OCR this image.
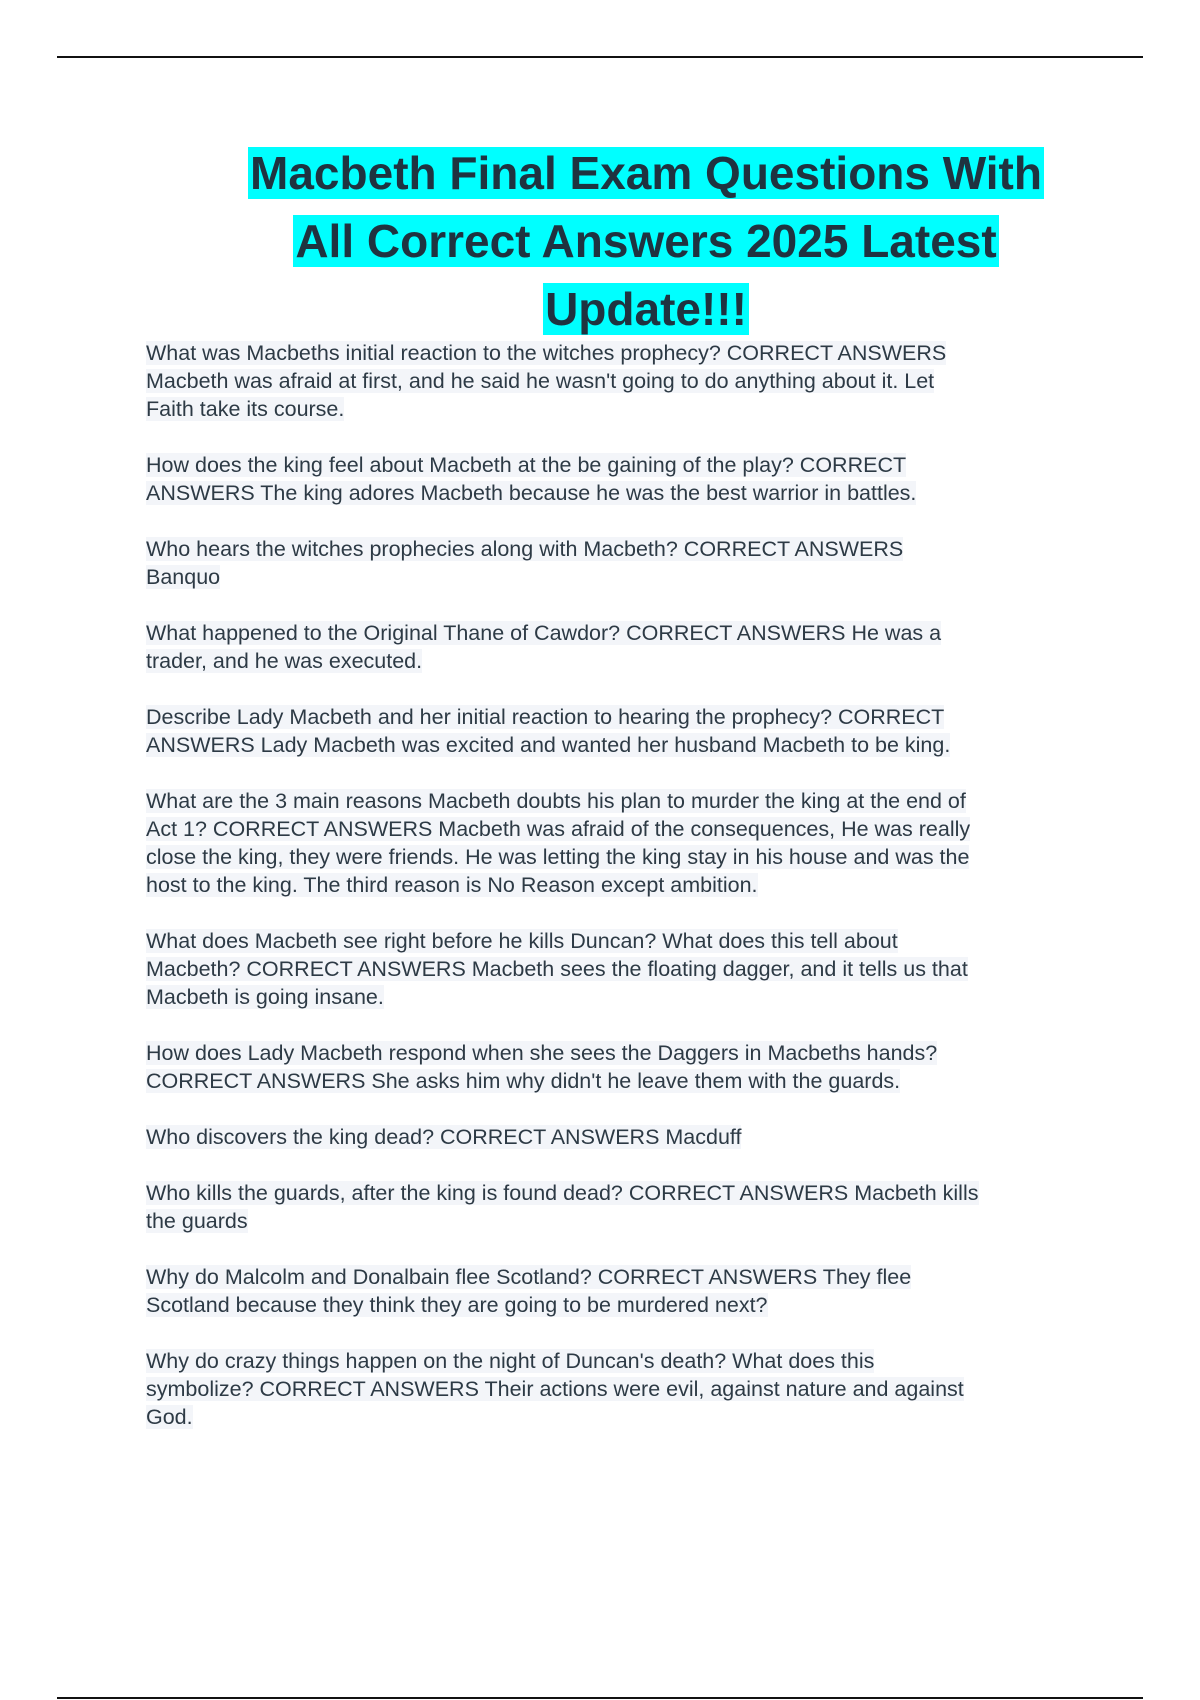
Macbeth Final Exam Questions With
All Correct Answers 2025 Latest
Update!!!
What was Macbeths initial reaction to the witches prophecy? CORRECT ANSWERS
Macbeth was afraid at first, and he said he wasn't going to do anything about it. Let
Faith take its course.
How does the king feel about Macbeth at the be gaining of the play? CORRECT
ANSWERS The king adores Macbeth because he was the best warrior in battles.
Who hears the witches prophecies along with Macbeth? CORRECT ANSWERS
Banquo
What happened to the Original Thane of Cawdor? CORRECT ANSWERS He was a
trader, and he was executed.
Describe Lady Macbeth and her initial reaction to hearing the prophecy? CORRECT
ANSWERS Lady Macbeth was excited and wanted her husband Macbeth to be king.
What are the 3 main reasons Macbeth doubts his plan to murder the king at the end of
Act 1? CORRECT ANSWERS Macbeth was afraid of the consequences, He was really
close the king, they were friends. He was letting the king stay in his house and was the
host to the king. The third reason is No Reason except ambition.
What does Macbeth see right before he kills Duncan? What does this tell about
Macbeth? CORRECT ANSWERS Macbeth sees the floating dagger, and it tells us that
Macbeth is going insane.
How does Lady Macbeth respond when she sees the Daggers in Macbeths hands?
CORRECT ANSWERS She asks him why didn't he leave them with the guards.
Who discovers the king dead? CORRECT ANSWERS Macduff
Who kills the guards, after the king is found dead? CORRECT ANSWERS Macbeth kills
the guards
Why do Malcolm and Donalbain flee Scotland? CORRECT ANSWERS They flee
Scotland because they think they are going to be murdered next?
Why do crazy things happen on the night of Duncan's death? What does this
symbolize? CORRECT ANSWERS Their actions were evil, against nature and against
God.
